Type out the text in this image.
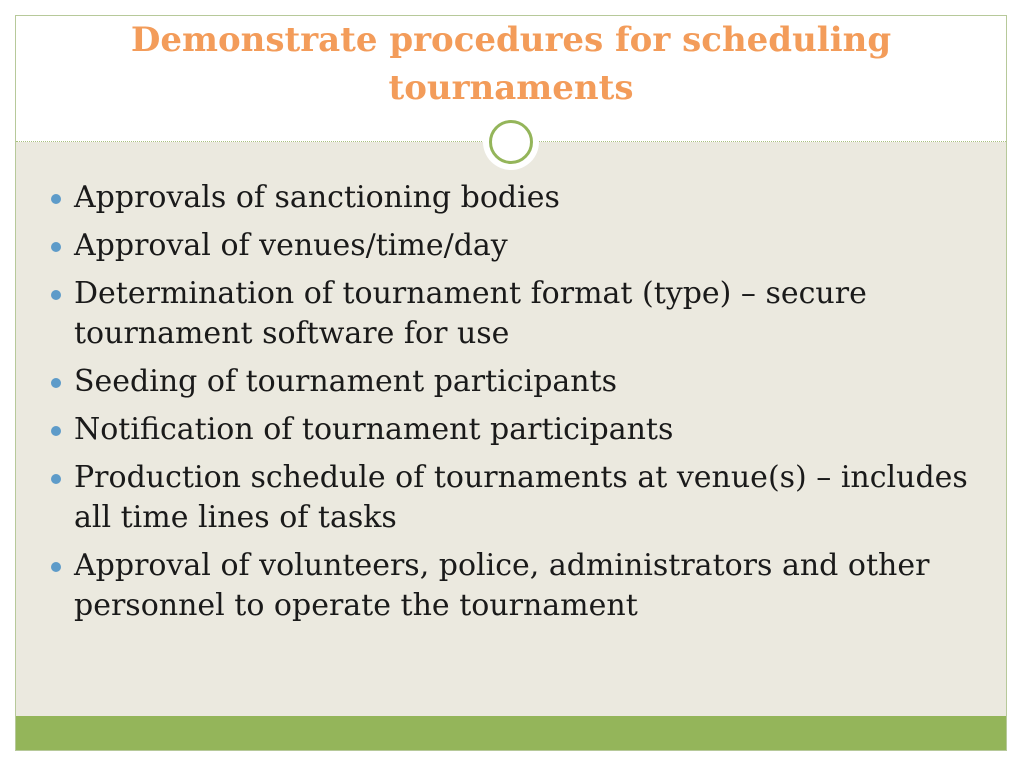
Demonstrate procedures for scheduling tournaments
Approvals of sanctioning bodies
Approval of venues/time/day
Determination of tournament format (type) – secure tournament software for use
Seeding of tournament participants
Notification of tournament participants
Production schedule of tournaments at venue(s) – includes all time lines of tasks
Approval of volunteers, police, administrators and other personnel to operate the tournament
